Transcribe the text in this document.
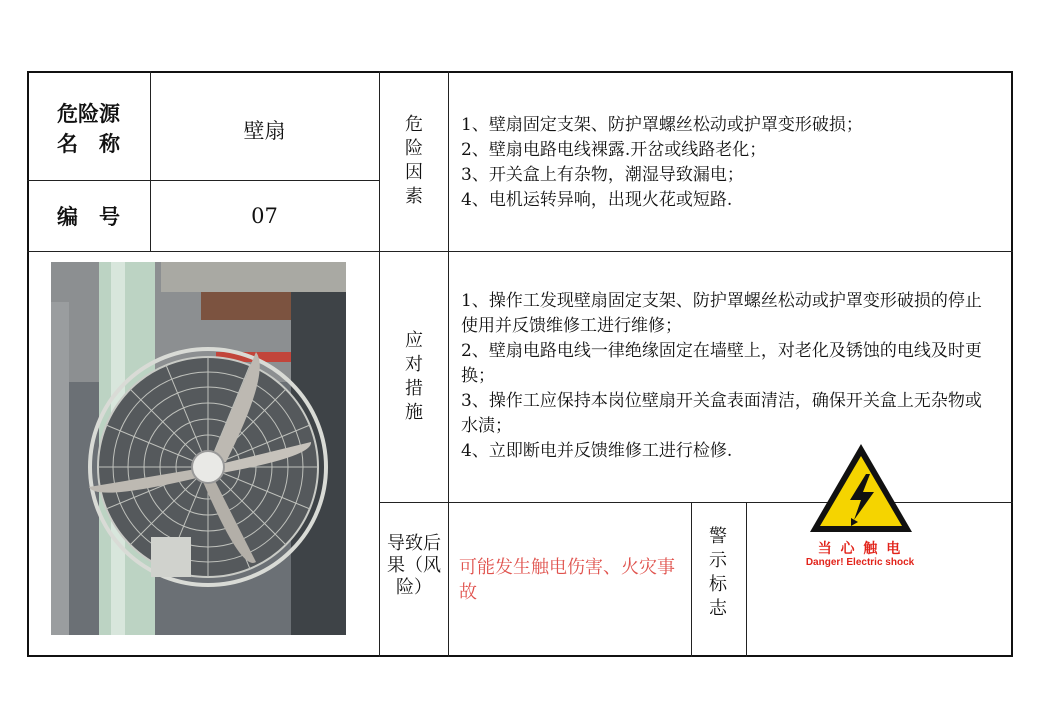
危险源
名　称
壁扇
编　号	07
危险因素
1、壁扇固定支架、防护罩螺丝松动或护罩变形破损；
2、壁扇电路电线裸露.开岔或线路老化；
3、开关盒上有杂物，潮湿导致漏电；
4、电机运转异响，出现火花或短路.
应对措施
1、操作工发现壁扇固定支架、防护罩螺丝松动或护罩变形破损的停止使用并反馈维修工进行维修；
2、壁扇电路电线一律绝缘固定在墙壁上，对老化及锈蚀的电线及时更换；
3、操作工应保持本岗位壁扇开关盒表面清洁，确保开关盒上无杂物或水渍；
4、立即断电并反馈维修工进行检修.
导致后果（风险）
可能发生触电伤害、火灾事故
警示标志
当 心 触 电
Danger! Electric shock
